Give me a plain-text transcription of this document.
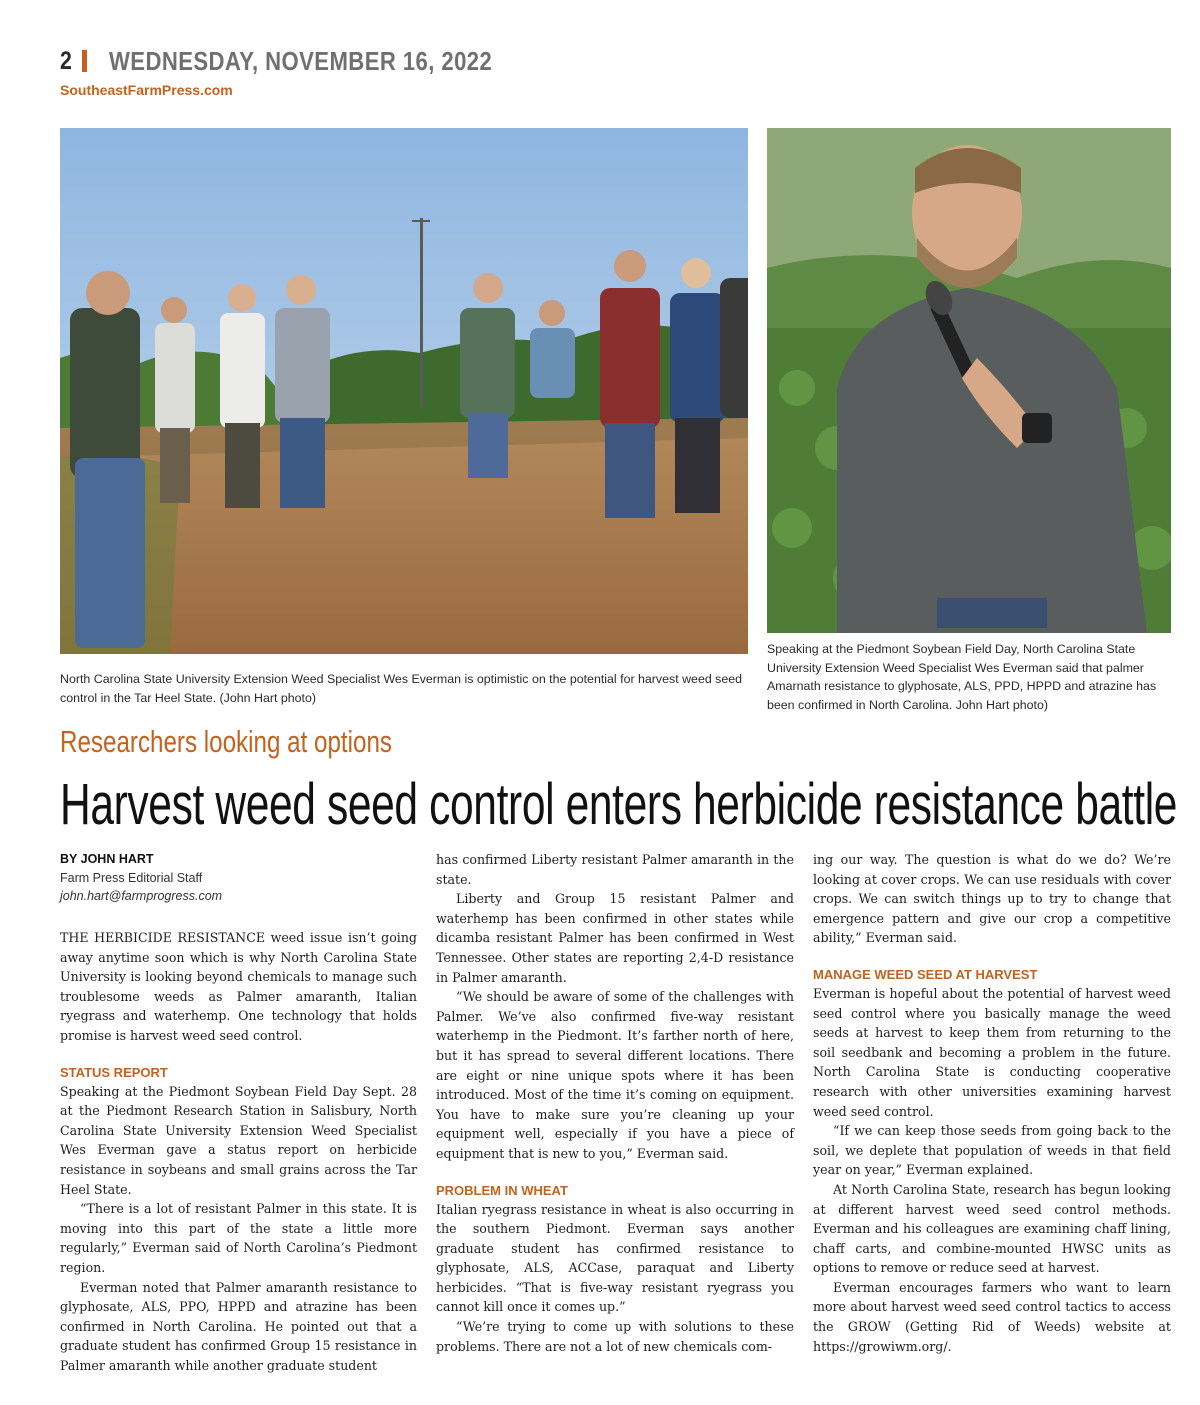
2 WEDNESDAY, NOVEMBER 16, 2022
SoutheastFarmPress.com
North Carolina State University Extension Weed Specialist Wes Everman is optimistic on the potential for harvest weed seed control in the Tar Heel State. (John Hart photo)
Speaking at the Piedmont Soybean Field Day, North Carolina State University Extension Weed Specialist Wes Everman said that palmer Amarnath resistance to glyphosate, ALS, PPD, HPPD and atrazine has been confirmed in North Carolina. John Hart photo)
Researchers looking at options
Harvest weed seed control enters herbicide resistance battle
BY JOHN HART
Farm Press Editorial Staff
john.hart@farmprogress.com

THE HERBICIDE RESISTANCE weed issue isn’t going away anytime soon which is why North Carolina State University is looking beyond chemicals to manage such troublesome weeds as Palmer amaranth, Italian ryegrass and waterhemp. One technology that holds promise is harvest weed seed control.

STATUS REPORT

Speaking at the Piedmont Soybean Field Day Sept. 28 at the Piedmont Research Station in Salisbury, North Carolina State University Extension Weed Specialist Wes Everman gave a status report on herbicide resistance in soybeans and small grains across the Tar Heel State.

“There is a lot of resistant Palmer in this state. It is moving into this part of the state a little more regularly,” Everman said of North Carolina’s Piedmont region.

Everman noted that Palmer amaranth resistance to glyphosate, ALS, PPO, HPPD and atrazine has been confirmed in North Carolina. He pointed out that a graduate student has confirmed Group 15 resistance in Palmer amaranth while another graduate student

has confirmed Liberty resistant Palmer amaranth in the state.

Liberty and Group 15 resistant Palmer and waterhemp has been confirmed in other states while dicamba resistant Palmer has been confirmed in West Tennessee. Other states are reporting 2,4-D resistance in Palmer amaranth.

“We should be aware of some of the challenges with Palmer. We’ve also confirmed five-way resistant waterhemp in the Piedmont. It’s farther north of here, but it has spread to several different locations. There are eight or nine unique spots where it has been introduced. Most of the time it’s coming on equipment. You have to make sure you’re cleaning up your equipment well, especially if you have a piece of equipment that is new to you,” Everman said.

PROBLEM IN WHEAT

Italian ryegrass resistance in wheat is also occurring in the southern Piedmont. Everman says another graduate student has confirmed resistance to glyphosate, ALS, ACCase, paraquat and Liberty herbicides. “That is five-way resistant ryegrass you cannot kill once it comes up.”

“We’re trying to come up with solutions to these problems. There are not a lot of new chemicals com-

ing our way. The question is what do we do? We’re looking at cover crops. We can use residuals with cover crops. We can switch things up to try to change that emergence pattern and give our crop a competitive ability,” Everman said.

MANAGE WEED SEED AT HARVEST

Everman is hopeful about the potential of harvest weed seed control where you basically manage the weed seeds at harvest to keep them from returning to the soil seedbank and becoming a problem in the future. North Carolina State is conducting cooperative research with other universities examining harvest weed seed control.

“If we can keep those seeds from going back to the soil, we deplete that population of weeds in that field year on year,” Everman explained.

At North Carolina State, research has begun looking at different harvest weed seed control methods. Everman and his colleagues are examining chaff lining, chaff carts, and combine-mounted HWSC units as options to remove or reduce seed at harvest.

Everman encourages farmers who want to learn more about harvest weed seed control tactics to access the GROW (Getting Rid of Weeds) website at https://growiwm.org/.
